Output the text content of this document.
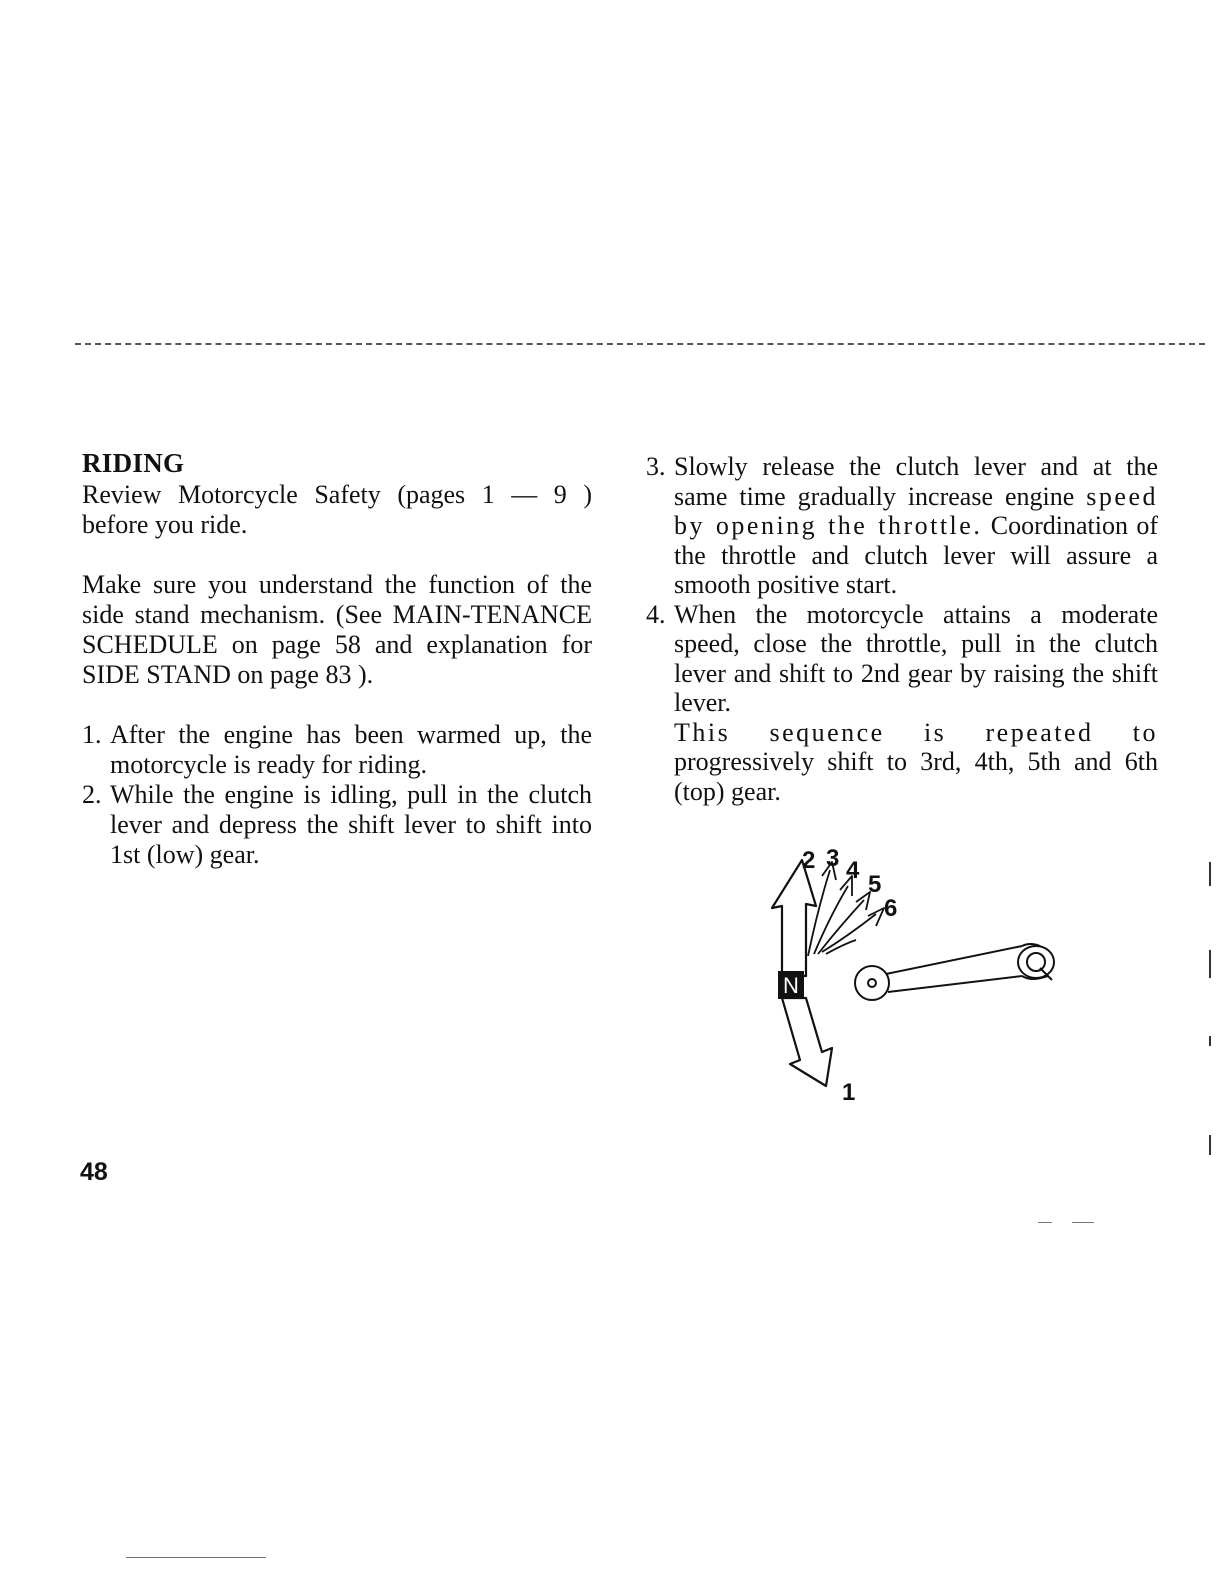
RIDING

Review Motorcycle Safety (pages 1 — 9 ) before you ride.

Make sure you understand the function of the side stand mechanism. (See MAIN-TENANCE SCHEDULE on page 58 and explanation for SIDE STAND on page 83 ).

1. After the engine has been warmed up, the motorcycle is ready for riding.
2. While the engine is idling, pull in the clutch lever and depress the shift lever to shift into 1st (low) gear.
3. Slowly release the clutch lever and at the same time gradually increase engine speed by opening the throttle. Coordination of the throttle and clutch lever will assure a smooth positive start.
4. When the motorcycle attains a moderate speed, close the throttle, pull in the clutch lever and shift to 2nd gear by raising the shift lever.
This sequence is repeated to progressively shift to 3rd, 4th, 5th and 6th (top) gear.
N
2 3 4
5
6
1
48
